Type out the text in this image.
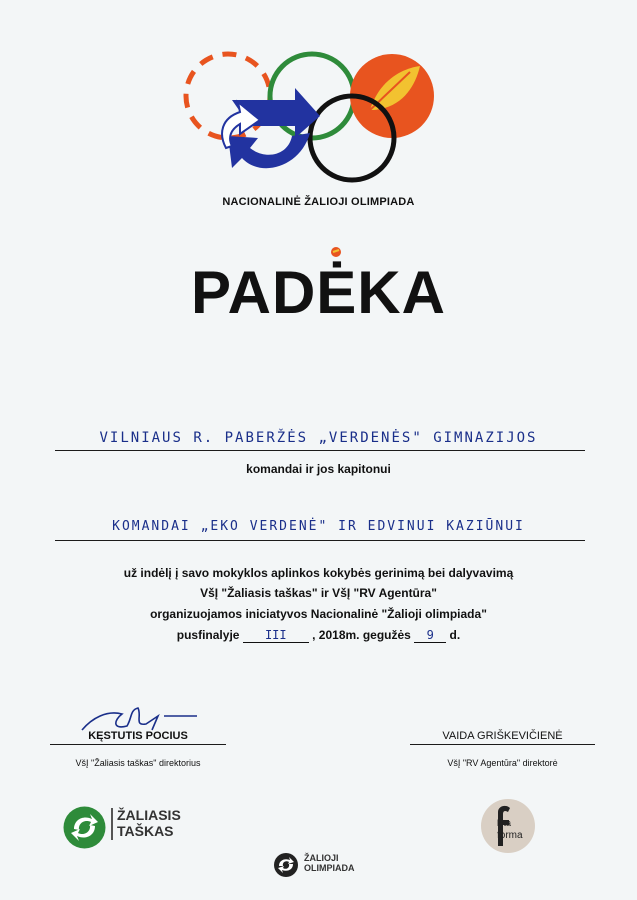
NACIONALINĖ ŽALIOJI OLIMPIADA
PADĖKA
VILNIAUS R. PABERŽĖS „VERDENĖS" GIMNAZIJOS
komandai ir jos kapitonui
KOMANDAI „EKO VERDENĖ" IR EDVINUI KAZIŪNUI
už indėlį į savo mokyklos aplinkos kokybės gerinimą bei dalyvavimą
VšĮ "Žaliasis taškas" ir VšĮ "RV Agentūra"
organizuojamos iniciatyvos Nacionalinė "Žalioji olimpiada"
pusfinalyje III , 2018m. gegužės 9 d.
KĘSTUTIS POCIUS
VšĮ "Žaliasis taškas" direktorius
VAIDA GRIŠKEVIČIENĖ
VšĮ "RV Agentūra" direktorė
ŽALIASIS
TAŠKAS	kita
forma
ŽALIOJI
OLIMPIADA
